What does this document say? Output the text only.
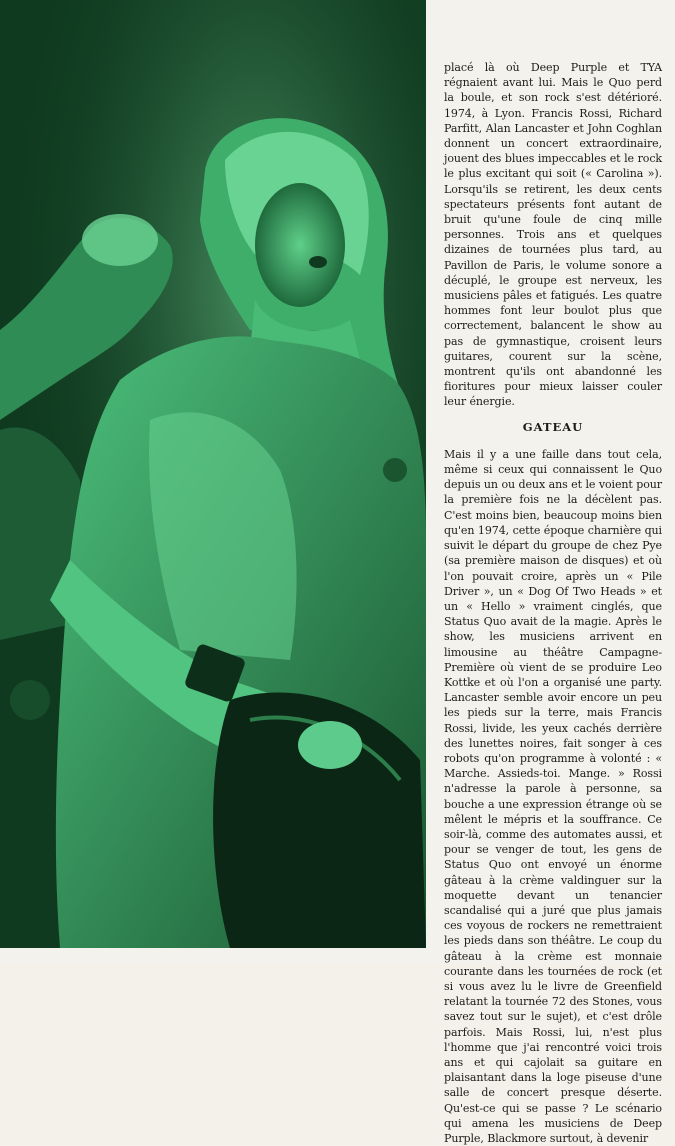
placé là où Deep Purple et TYA régnaient avant lui. Mais le Quo perd la boule, et son rock s'est détérioré. 1974, à Lyon. Francis Rossi, Richard Parfitt, Alan Lancaster et John Coghlan donnent un concert extraordinaire, jouent des blues impeccables et le rock le plus excitant qui soit (« Carolina »). Lorsqu'ils se retirent, les deux cents spectateurs présents font autant de bruit qu'une foule de cinq mille personnes. Trois ans et quelques dizaines de tournées plus tard, au Pavillon de Paris, le volume sonore a décuplé, le groupe est nerveux, les musiciens pâles et fatigués. Les quatre hommes font leur boulot plus que correctement, balancent le show au pas de gymnastique, croisent leurs guitares, courent sur la scène, montrent qu'ils ont abandonné les fioritures pour mieux laisser couler leur énergie.

GATEAU

Mais il y a une faille dans tout cela, même si ceux qui connaissent le Quo depuis un ou deux ans et le voient pour la première fois ne la décèlent pas. C'est moins bien, beaucoup moins bien qu'en 1974, cette époque charnière qui suivit le départ du groupe de chez Pye (sa première maison de disques) et où l'on pouvait croire, après un « Pile Driver », un « Dog Of Two Heads » et un « Hello » vraiment cinglés, que Status Quo avait de la magie. Après le show, les musiciens arrivent en limousine au théâtre Campagne-Première où vient de se produire Leo Kottke et où l'on a organisé une party. Lancaster semble avoir encore un peu les pieds sur la terre, mais Francis Rossi, livide, les yeux cachés derrière des lunettes noires, fait songer à ces robots qu'on programme à volonté : « Marche. Assieds-toi. Mange. » Rossi n'adresse la parole à personne, sa bouche a une expression étrange où se mêlent le mépris et la souffrance. Ce soir-là, comme des automates aussi, et pour se venger de tout, les gens de Status Quo ont envoyé un énorme gâteau à la crème valdinguer sur la moquette devant un tenancier scandalisé qui a juré que plus jamais ces voyous de rockers ne remettraient les pieds dans son théâtre. Le coup du gâteau à la crème est monnaie courante dans les tournées de rock (et si vous avez lu le livre de Greenfield relatant la tournée 72 des Stones, vous savez tout sur le sujet), et c'est drôle parfois. Mais Rossi, lui, n'est plus l'homme que j'ai rencontré voici trois ans et qui cajolait sa guitare en plaisantant dans la loge piseuse d'une salle de concert presque déserte. Qu'est-ce qui se passe ? Le scénario qui amena les musiciens de Deep Purple, Blackmore surtout, à devenir
